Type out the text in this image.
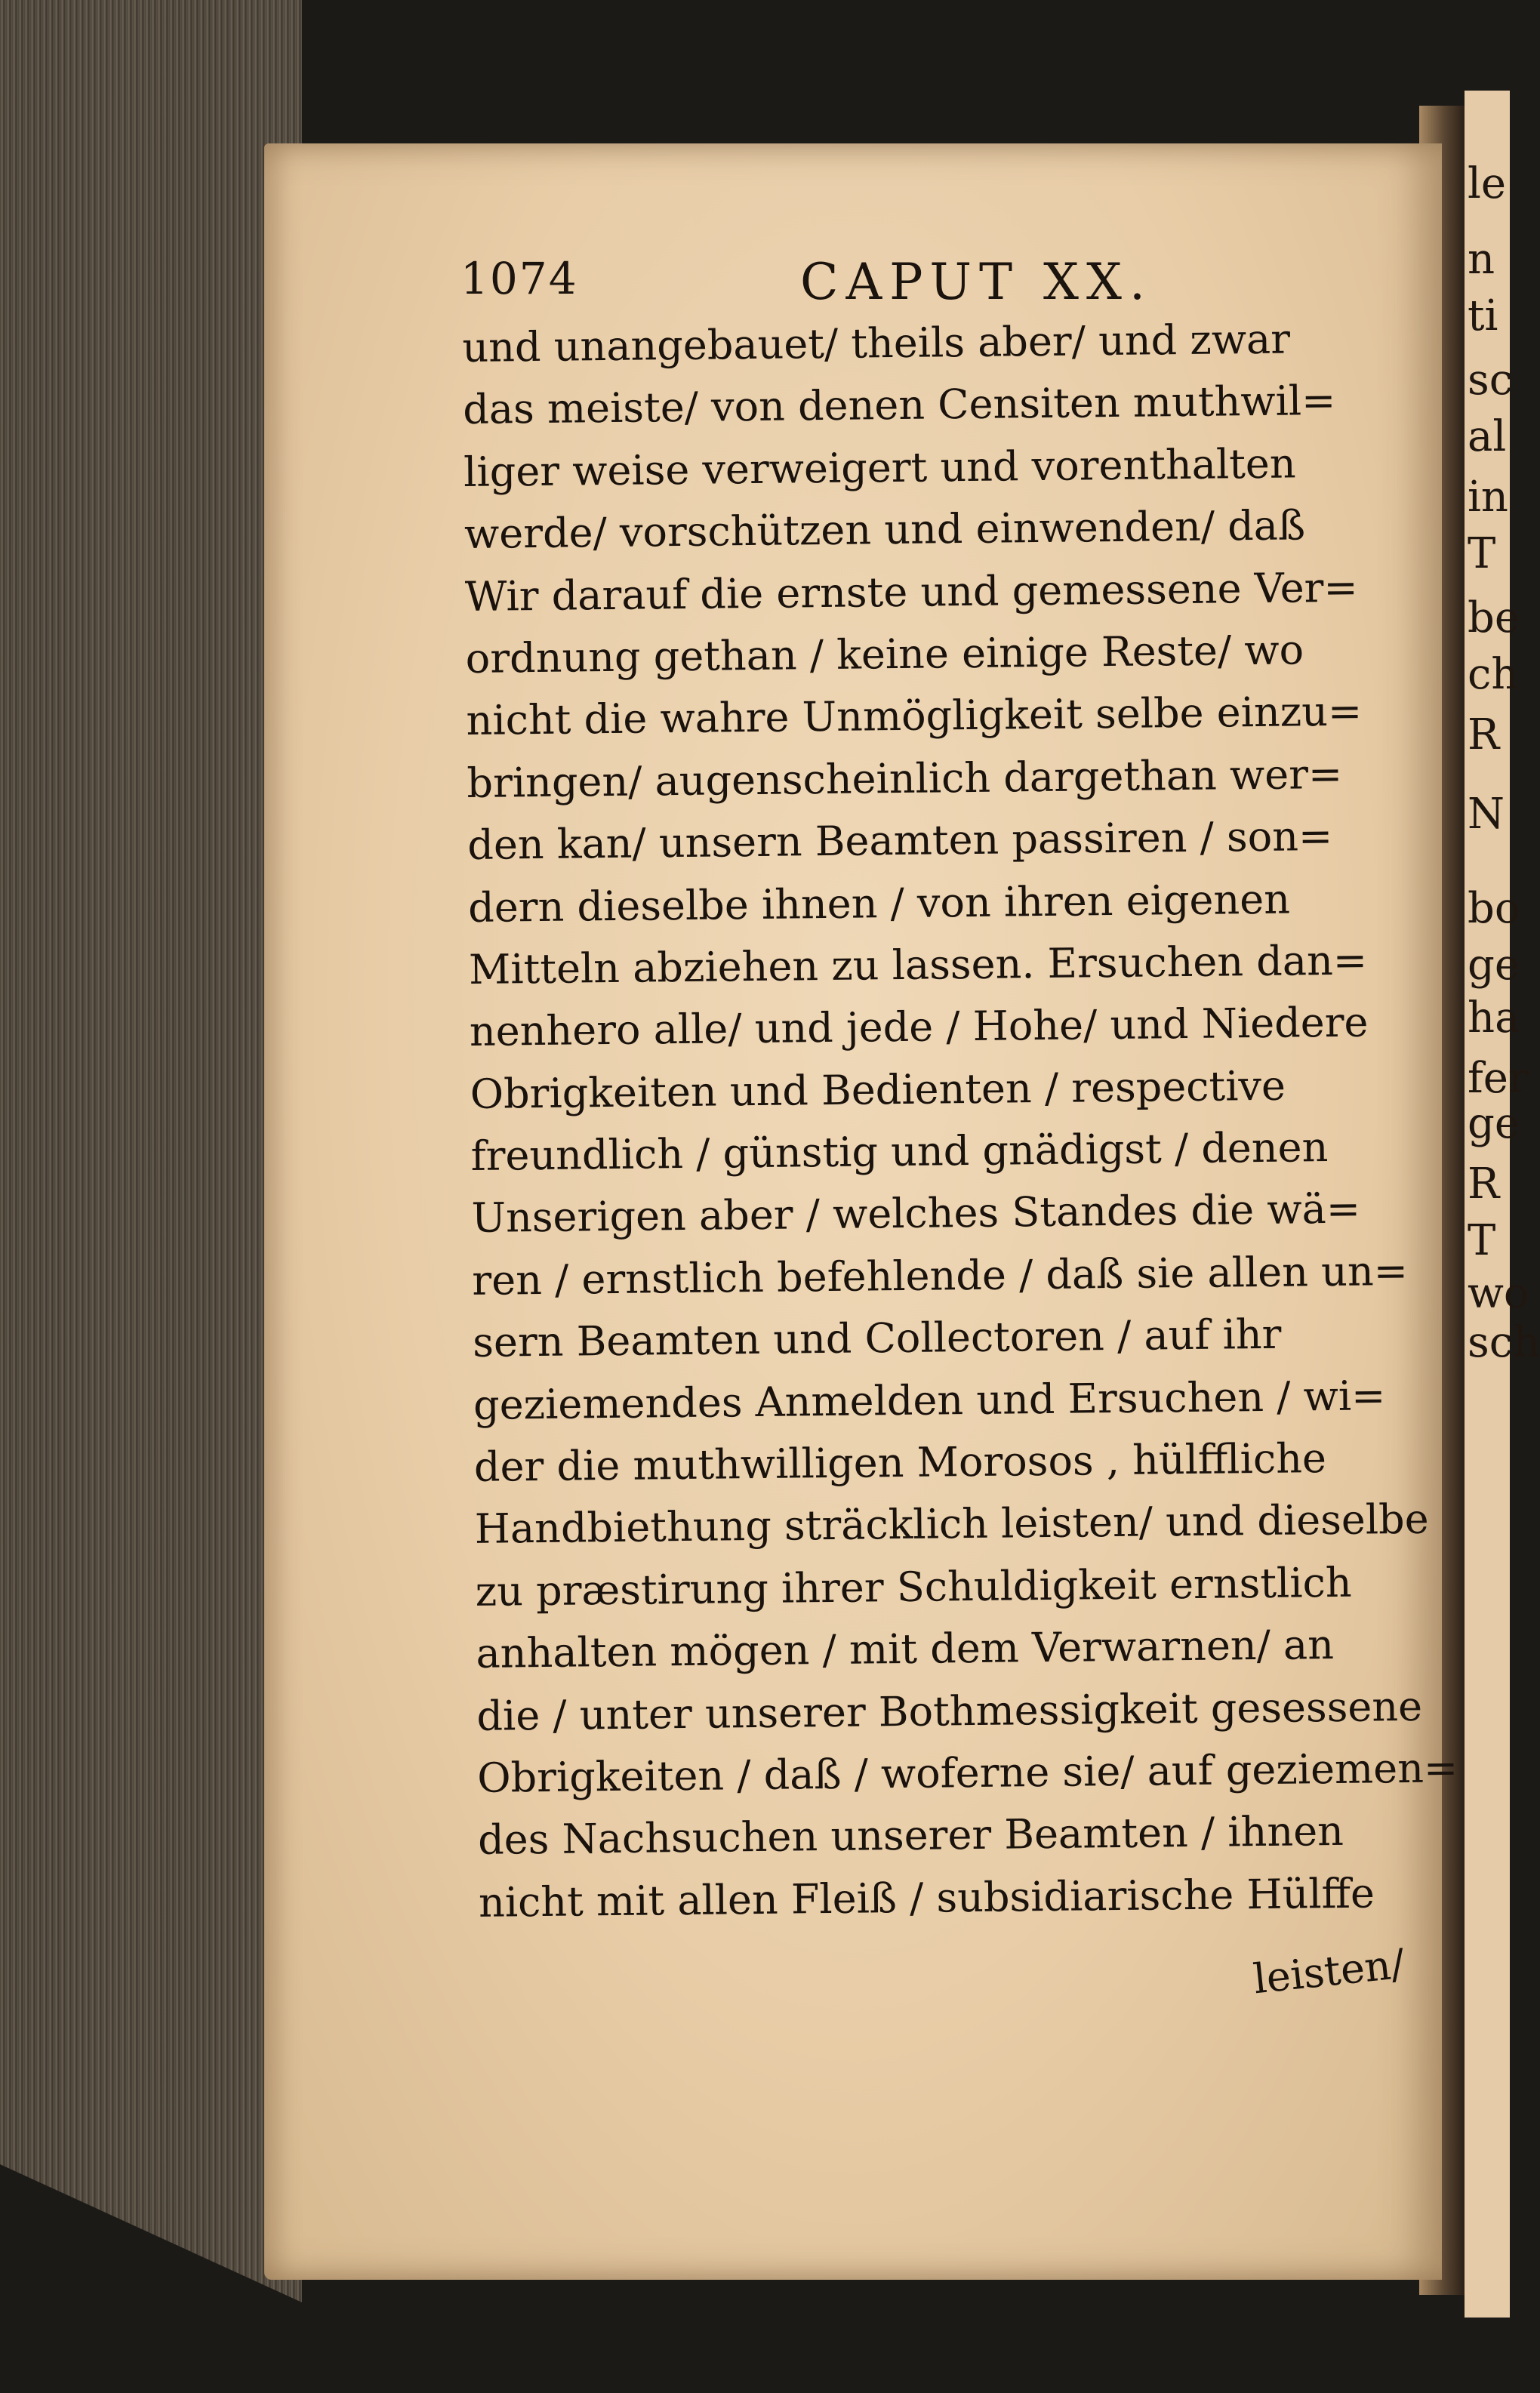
le
n
ti
sc
al
in
T
be
ch
R
N
bo
ge
ha
fer
ge
R
T
wo
sch
1074	CAPUT XX.
und unangebauet/ theils aber/ und zwar
das meiste/ von denen Censiten muthwil=
liger weise verweigert und vorenthalten
werde/ vorschützen und einwenden/ daß
Wir darauf die ernste und gemessene Ver=
ordnung gethan / keine einige Reste/ wo
nicht die wahre Unmögligkeit selbe einzu=
bringen/ augenscheinlich dargethan wer=
den kan/ unsern Beamten passiren / son=
dern dieselbe ihnen / von ihren eigenen
Mitteln abziehen zu lassen. Ersuchen dan=
nenhero alle/ und jede / Hohe/ und Niedere
Obrigkeiten und Bedienten / respective
freundlich / günstig und gnädigst / denen
Unserigen aber / welches Standes die wä=
ren / ernstlich befehlende / daß sie allen un=
sern Beamten und Collectoren / auf ihr
geziemendes Anmelden und Ersuchen / wi=
der die muthwilligen Morosos , hülffliche
Handbiethung sträcklich leisten/ und dieselbe
zu præstirung ihrer Schuldigkeit ernstlich
anhalten mögen / mit dem Verwarnen/ an
die / unter unserer Bothmessigkeit gesessene
Obrigkeiten / daß / woferne sie/ auf geziemen=
des Nachsuchen unserer Beamten / ihnen
nicht mit allen Fleiß / subsidiarische Hülffe
leisten/
